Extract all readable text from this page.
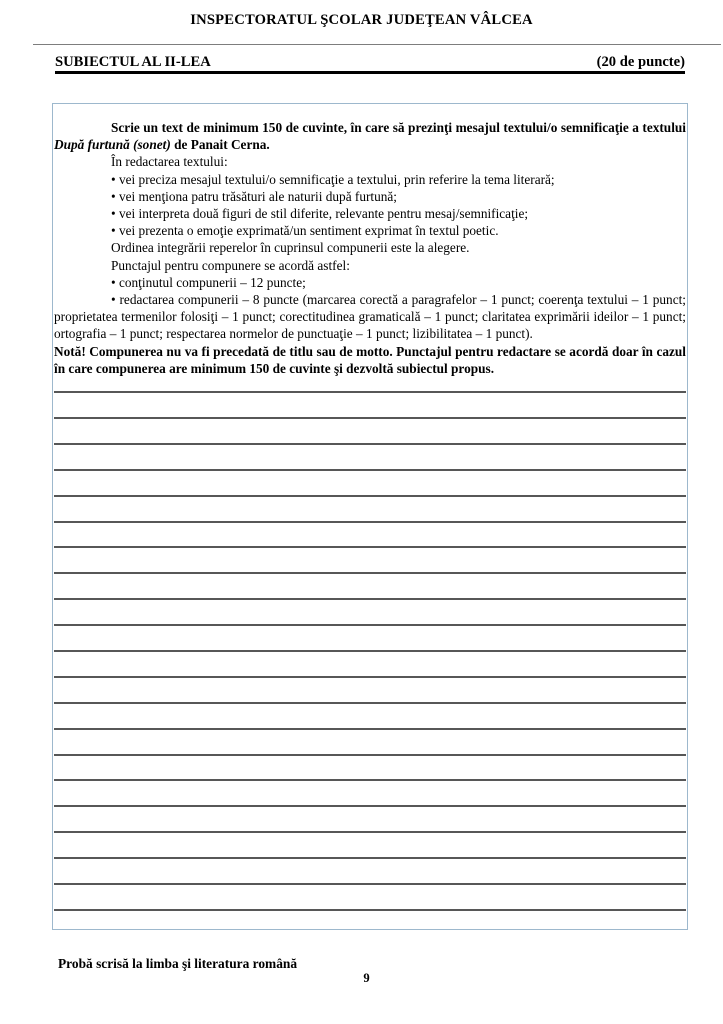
INSPECTORATUL ŞCOLAR JUDEŢEAN VÂLCEA
SUBIECTUL AL II-LEA	(20 de puncte)

Scrie un text de minimum 150 de cuvinte, în care să prezinţi mesajul textului/o semnificaţie a textului După furtună (sonet) de Panait Cerna.

În redactarea textului:

• vei preciza mesajul textului/o semnificaţie a textului, prin referire la tema literară;

• vei menţiona patru trăsături ale naturii după furtună;

• vei interpreta două figuri de stil diferite, relevante pentru mesaj/semnificaţie;

• vei prezenta o emoţie exprimată/un sentiment exprimat în textul poetic.

Ordinea integrării reperelor în cuprinsul compunerii este la alegere.

Punctajul pentru compunere se acordă astfel:

• conţinutul compunerii – 12 puncte;

• redactarea compunerii – 8 puncte (marcarea corectă a paragrafelor – 1 punct; coerenţa textului – 1 punct; proprietatea termenilor folosiţi – 1 punct; corectitudinea gramaticală – 1 punct; claritatea exprimării ideilor – 1 punct; ortografia – 1 punct; respectarea normelor de punctuaţie – 1 punct; lizibilitatea – 1 punct).

Notă! Compunerea nu va fi precedată de titlu sau de motto. Punctajul pentru redactare se acordă doar în cazul în care compunerea are minimum 150 de cuvinte şi dezvoltă subiectul propus.

Probă scrisă la limba şi literatura română
9
